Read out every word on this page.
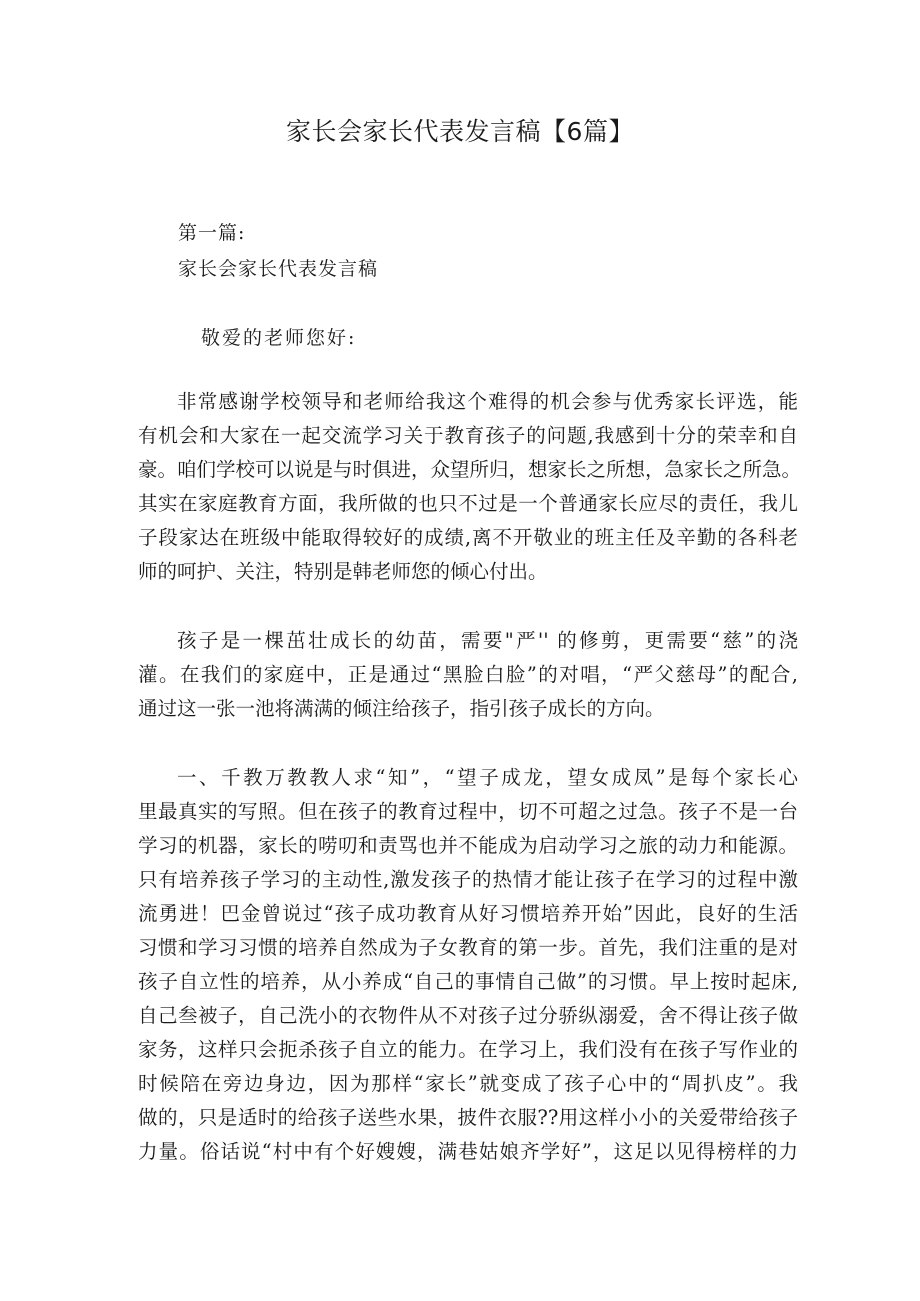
家长会家长代表发言稿【6篇】
第一篇:
家长会家长代表发言稿
敬爱的老师您好:
非常感谢学校领导和老师给我这个难得的机会参与优秀家长评选，能
有机会和大家在一起交流学习关于教育孩子的问题,我感到十分的荣幸和自
豪。咱们学校可以说是与时俱进，众望所归，想家长之所想，急家长之所急。
其实在家庭教育方面，我所做的也只不过是一个普通家长应尽的责任，我儿
子段家达在班级中能取得较好的成绩,离不开敬业的班主任及辛勤的各科老
师的呵护、关注，特别是韩老师您的倾心付出。
孩子是一棵茁壮成长的幼苗，需要"严'' 的修剪，更需要“慈”的浇
灌。在我们的家庭中，正是通过“黑脸白脸”的对唱，“严父慈母”的配合,
通过这一张一池将满满的倾注给孩子，指引孩子成长的方向。
一、千教万教教人求“知”，“望子成龙，望女成凤”是每个家长心
里最真实的写照。但在孩子的教育过程中，切不可超之过急。孩子不是一台
学习的机器，家长的唠叨和责骂也并不能成为启动学习之旅的动力和能源。
只有培养孩子学习的主动性,激发孩子的热情才能让孩子在学习的过程中激
流勇进！巴金曾说过“孩子成功教育从好习惯培养开始”因此，良好的生活
习惯和学习习惯的培养自然成为子女教育的第一步。首先，我们注重的是对
孩子自立性的培养，从小养成“自己的事情自己做”的习惯。早上按时起床,
自己叁被子，自己洗小的衣物件从不对孩子过分骄纵溺爱，舍不得让孩子做
家务，这样只会扼杀孩子自立的能力。在学习上，我们没有在孩子写作业的
时候陪在旁边身边，因为那样“家长”就变成了孩子心中的“周扒皮”。我
做的，只是适时的给孩子送些水果，披件衣服??用这样小小的关爱带给孩子
力量。俗话说“村中有个好嫂嫂，满巷姑娘齐学好”，这足以见得榜样的力
